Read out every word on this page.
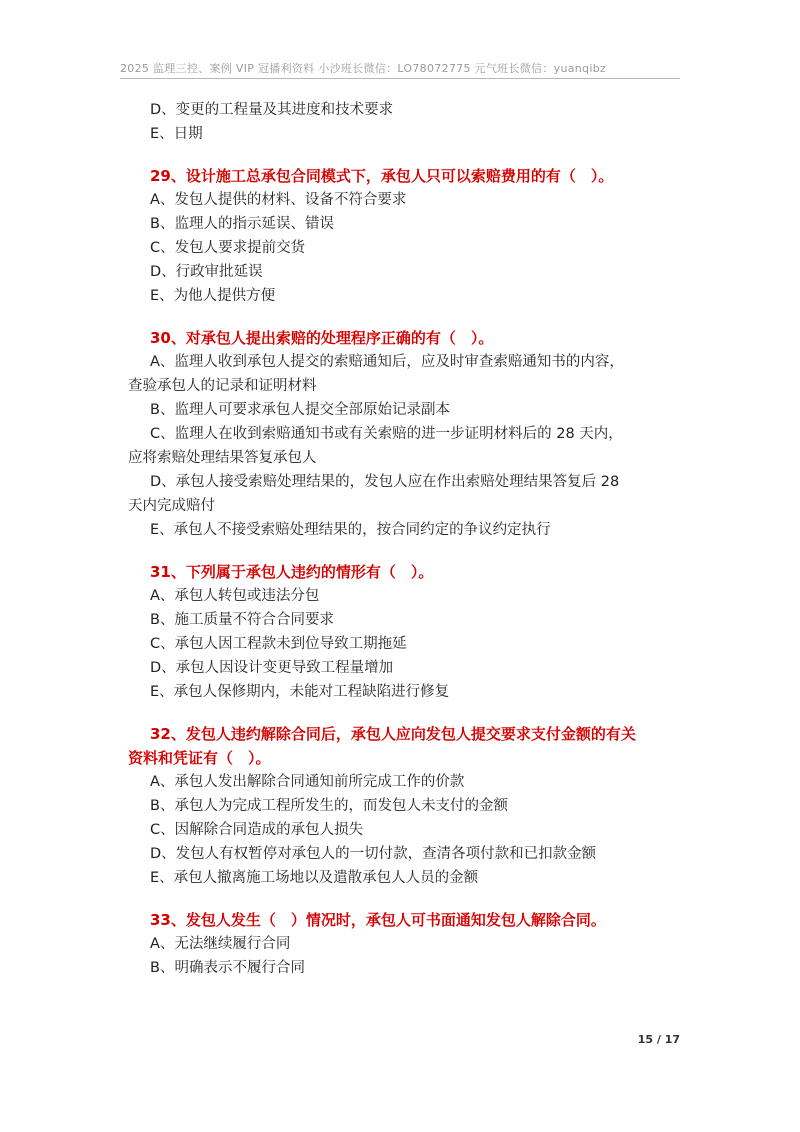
2025 监理三控、案例 VIP 冠播利资料 小沙班长微信：LO78072775 元气班长微信：yuanqibz

D、变更的工程量及其进度和技术要求

E、日期

29、设计施工总承包合同模式下，承包人只可以索赔费用的有（　）。

A、发包人提供的材料、设备不符合要求

B、监理人的指示延误、错误

C、发包人要求提前交货

D、行政审批延误

E、为他人提供方便

30、对承包人提出索赔的处理程序正确的有（　）。

A、监理人收到承包人提交的索赔通知后，应及时审查索赔通知书的内容，

查验承包人的记录和证明材料

B、监理人可要求承包人提交全部原始记录副本

C、监理人在收到索赔通知书或有关索赔的进一步证明材料后的 28 天内，

应将索赔处理结果答复承包人

D、承包人接受索赔处理结果的，发包人应在作出索赔处理结果答复后 28

天内完成赔付

E、承包人不接受索赔处理结果的，按合同约定的争议约定执行

31、下列属于承包人违约的情形有（　）。

A、承包人转包或违法分包

B、施工质量不符合合同要求

C、承包人因工程款未到位导致工期拖延

D、承包人因设计变更导致工程量增加

E、承包人保修期内，未能对工程缺陷进行修复

32、发包人违约解除合同后，承包人应向发包人提交要求支付金额的有关

资料和凭证有（　）。

A、承包人发出解除合同通知前所完成工作的价款

B、承包人为完成工程所发生的，而发包人未支付的金额

C、因解除合同造成的承包人损失

D、发包人有权暂停对承包人的一切付款，查清各项付款和已扣款金额

E、承包人撤离施工场地以及遣散承包人人员的金额

33、发包人发生（　）情况时，承包人可书面通知发包人解除合同。

A、无法继续履行合同

B、明确表示不履行合同

15 / 17
